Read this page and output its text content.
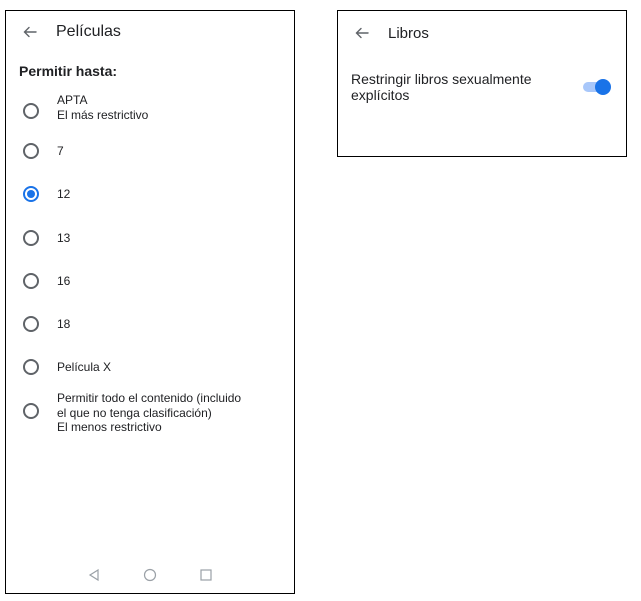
Películas
Permitir hasta:
APTA
El más restrictivo
7
12
13
16
18
Película X
Permitir todo el contenido (incluido
el que no tenga clasificación)
El menos restrictivo
Libros
Restringir libros sexualmente explícitos
